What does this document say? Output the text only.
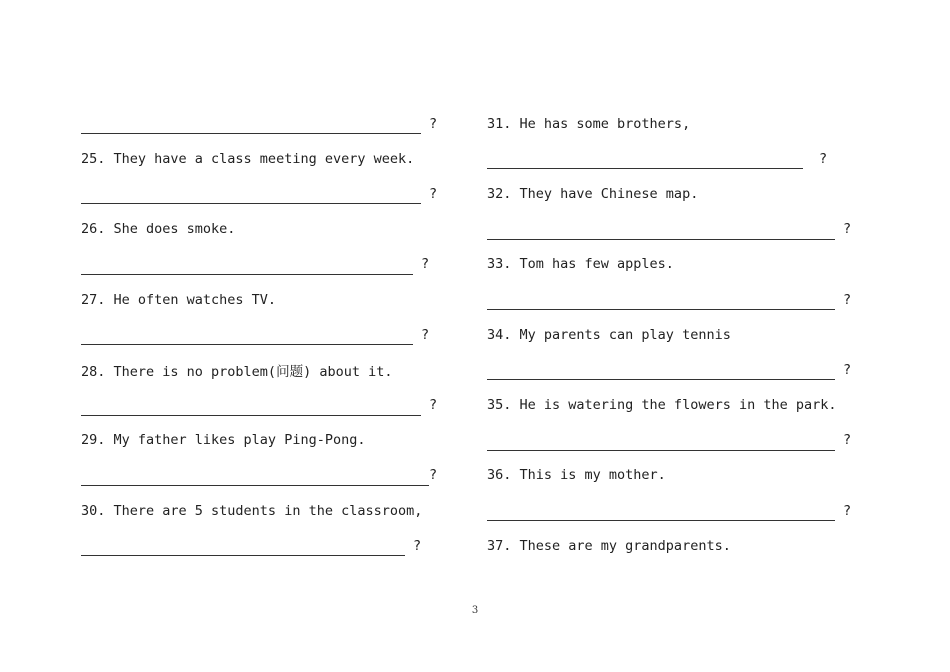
?
25. They have a class meeting every week.
?
26. She does smoke.
?
27. He often watches TV.
?
28. There is no problem(问题) about it.
?
29. My father likes play Ping-Pong.
?
30. There are 5 students in the classroom,
?
31. He has some brothers,
?
32. They have Chinese map.
?
33. Tom has few apples.
?
34. My parents can play tennis
?
35. He is watering the flowers in the park.
?
36. This is my mother.
?
37. These are my grandparents.
3
